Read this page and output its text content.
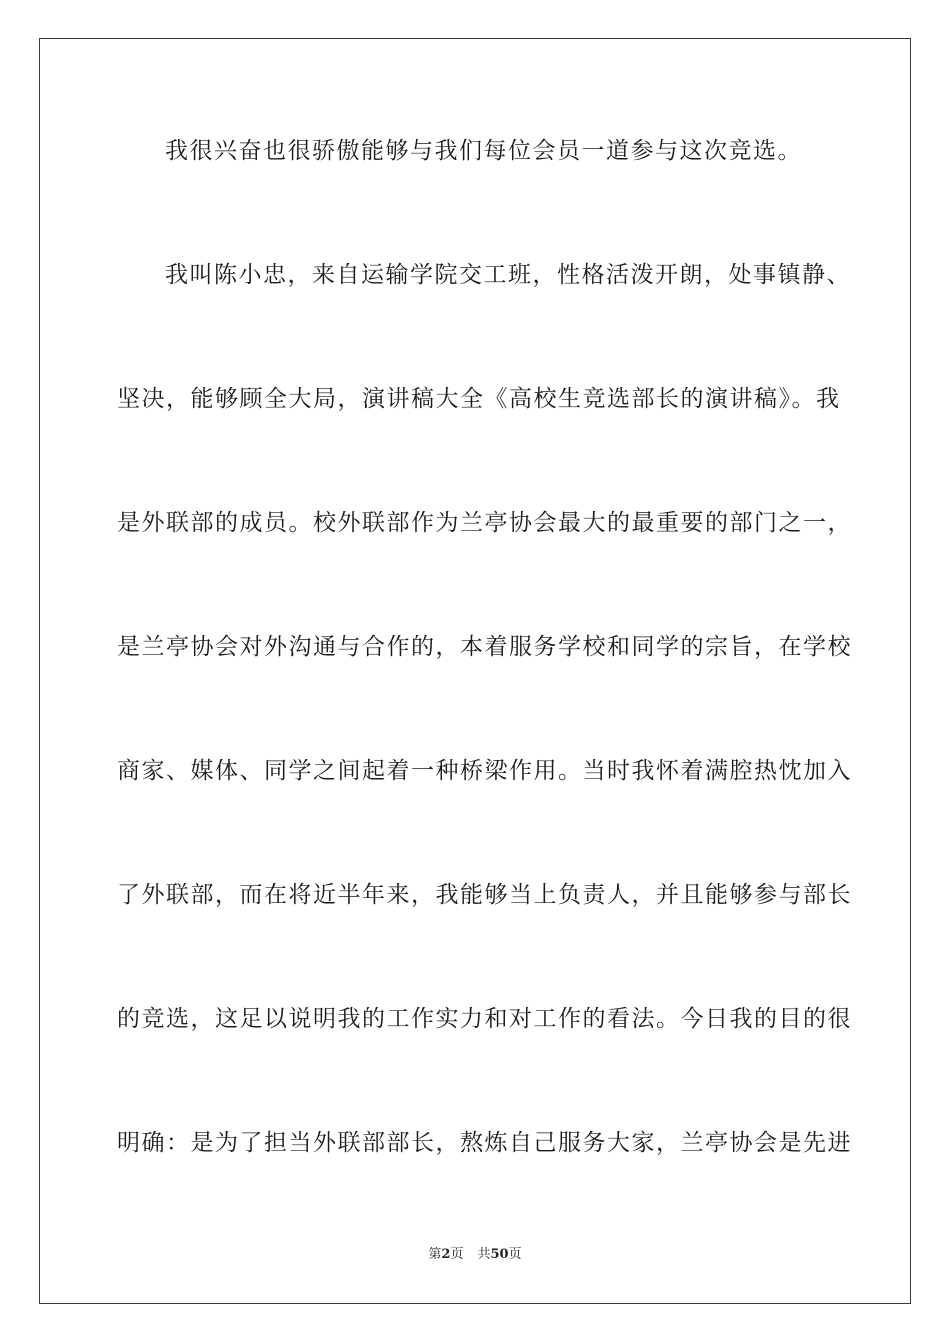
我很兴奋也很骄傲能够与我们每位会员一道参与这次竞选。
我叫陈小忠，来自运输学院交工班，性格活泼开朗，处事镇静、
坚决，能够顾全大局，演讲稿大全《高校生竞选部长的演讲稿》。我
是外联部的成员。校外联部作为兰亭协会最大的最重要的部门之一，
是兰亭协会对外沟通与合作的，本着服务学校和同学的宗旨，在学校
商家、媒体、同学之间起着一种桥梁作用。当时我怀着满腔热忱加入
了外联部，而在将近半年来，我能够当上负责人，并且能够参与部长
的竞选，这足以说明我的工作实力和对工作的看法。今日我的目的很
明确：是为了担当外联部部长，熬炼自己服务大家，兰亭协会是先进
第2页 共50页
